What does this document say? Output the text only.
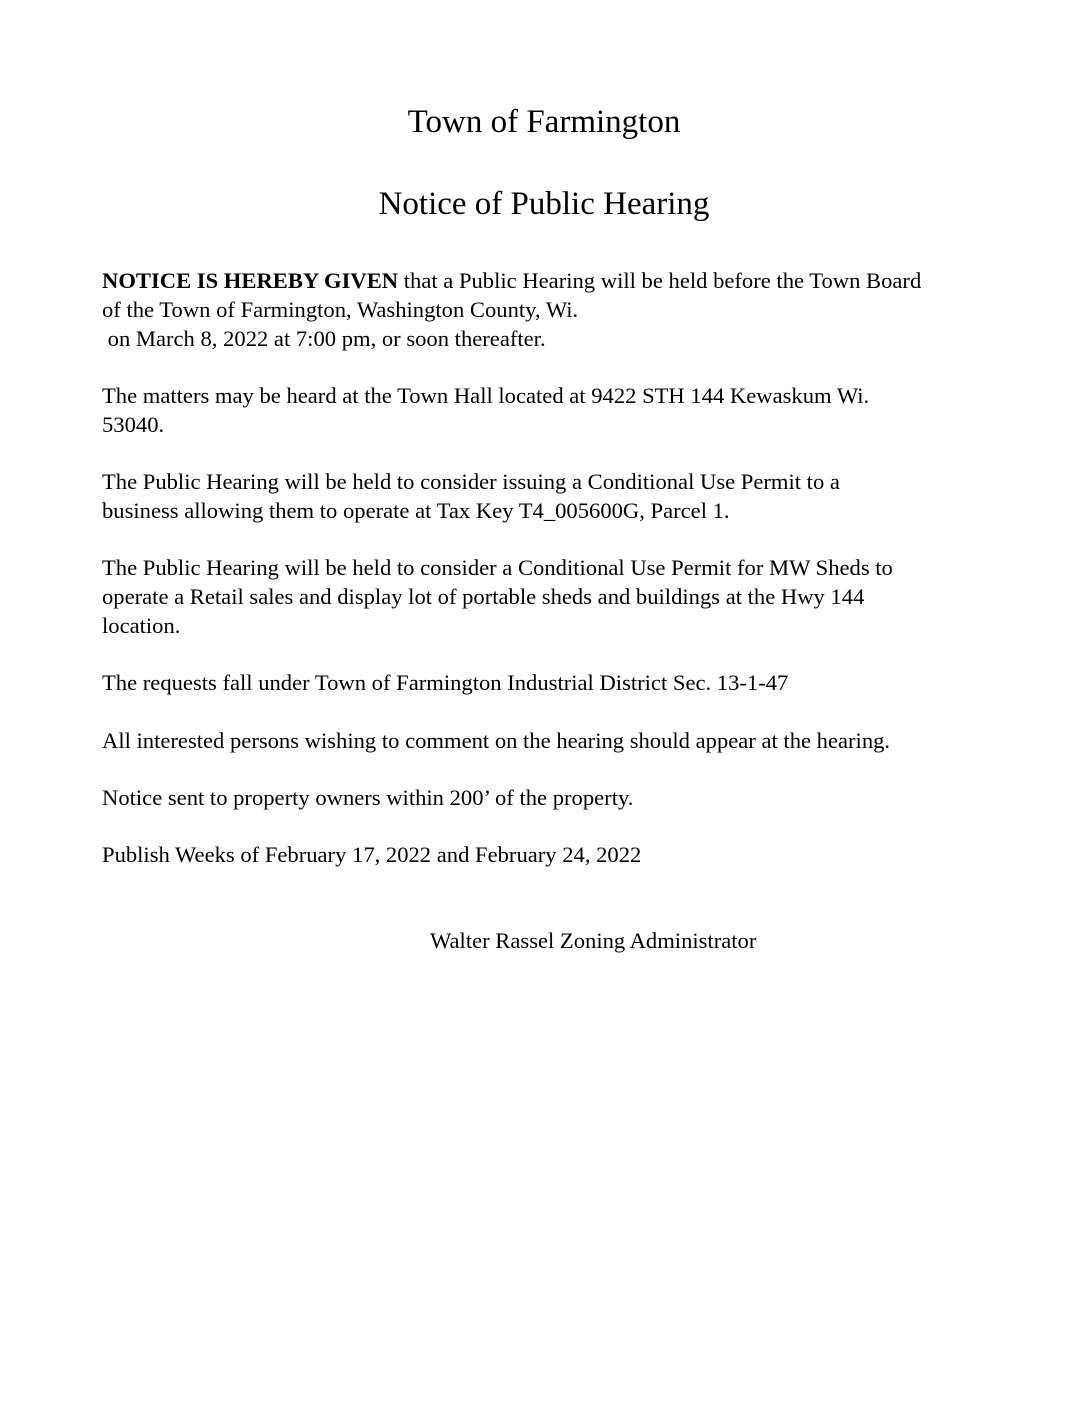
Town of Farmington
Notice of Public Hearing

NOTICE IS HEREBY GIVEN that a Public Hearing will be held before the Town Board
of the Town of Farmington, Washington County, Wi.
on March 8, 2022 at 7:00 pm, or soon thereafter.

The matters may be heard at the Town Hall located at 9422 STH 144 Kewaskum Wi.
53040.

The Public Hearing will be held to consider issuing a Conditional Use Permit to a
business allowing them to operate at Tax Key T4_005600G, Parcel 1.

The Public Hearing will be held to consider a Conditional Use Permit for MW Sheds to
operate a Retail sales and display lot of portable sheds and buildings at the Hwy 144
location.

The requests fall under Town of Farmington Industrial District Sec. 13-1-47

All interested persons wishing to comment on the hearing should appear at the hearing.

Notice sent to property owners within 200’ of the property.

Publish Weeks of February 17, 2022 and February 24, 2022

Walter Rassel Zoning Administrator
